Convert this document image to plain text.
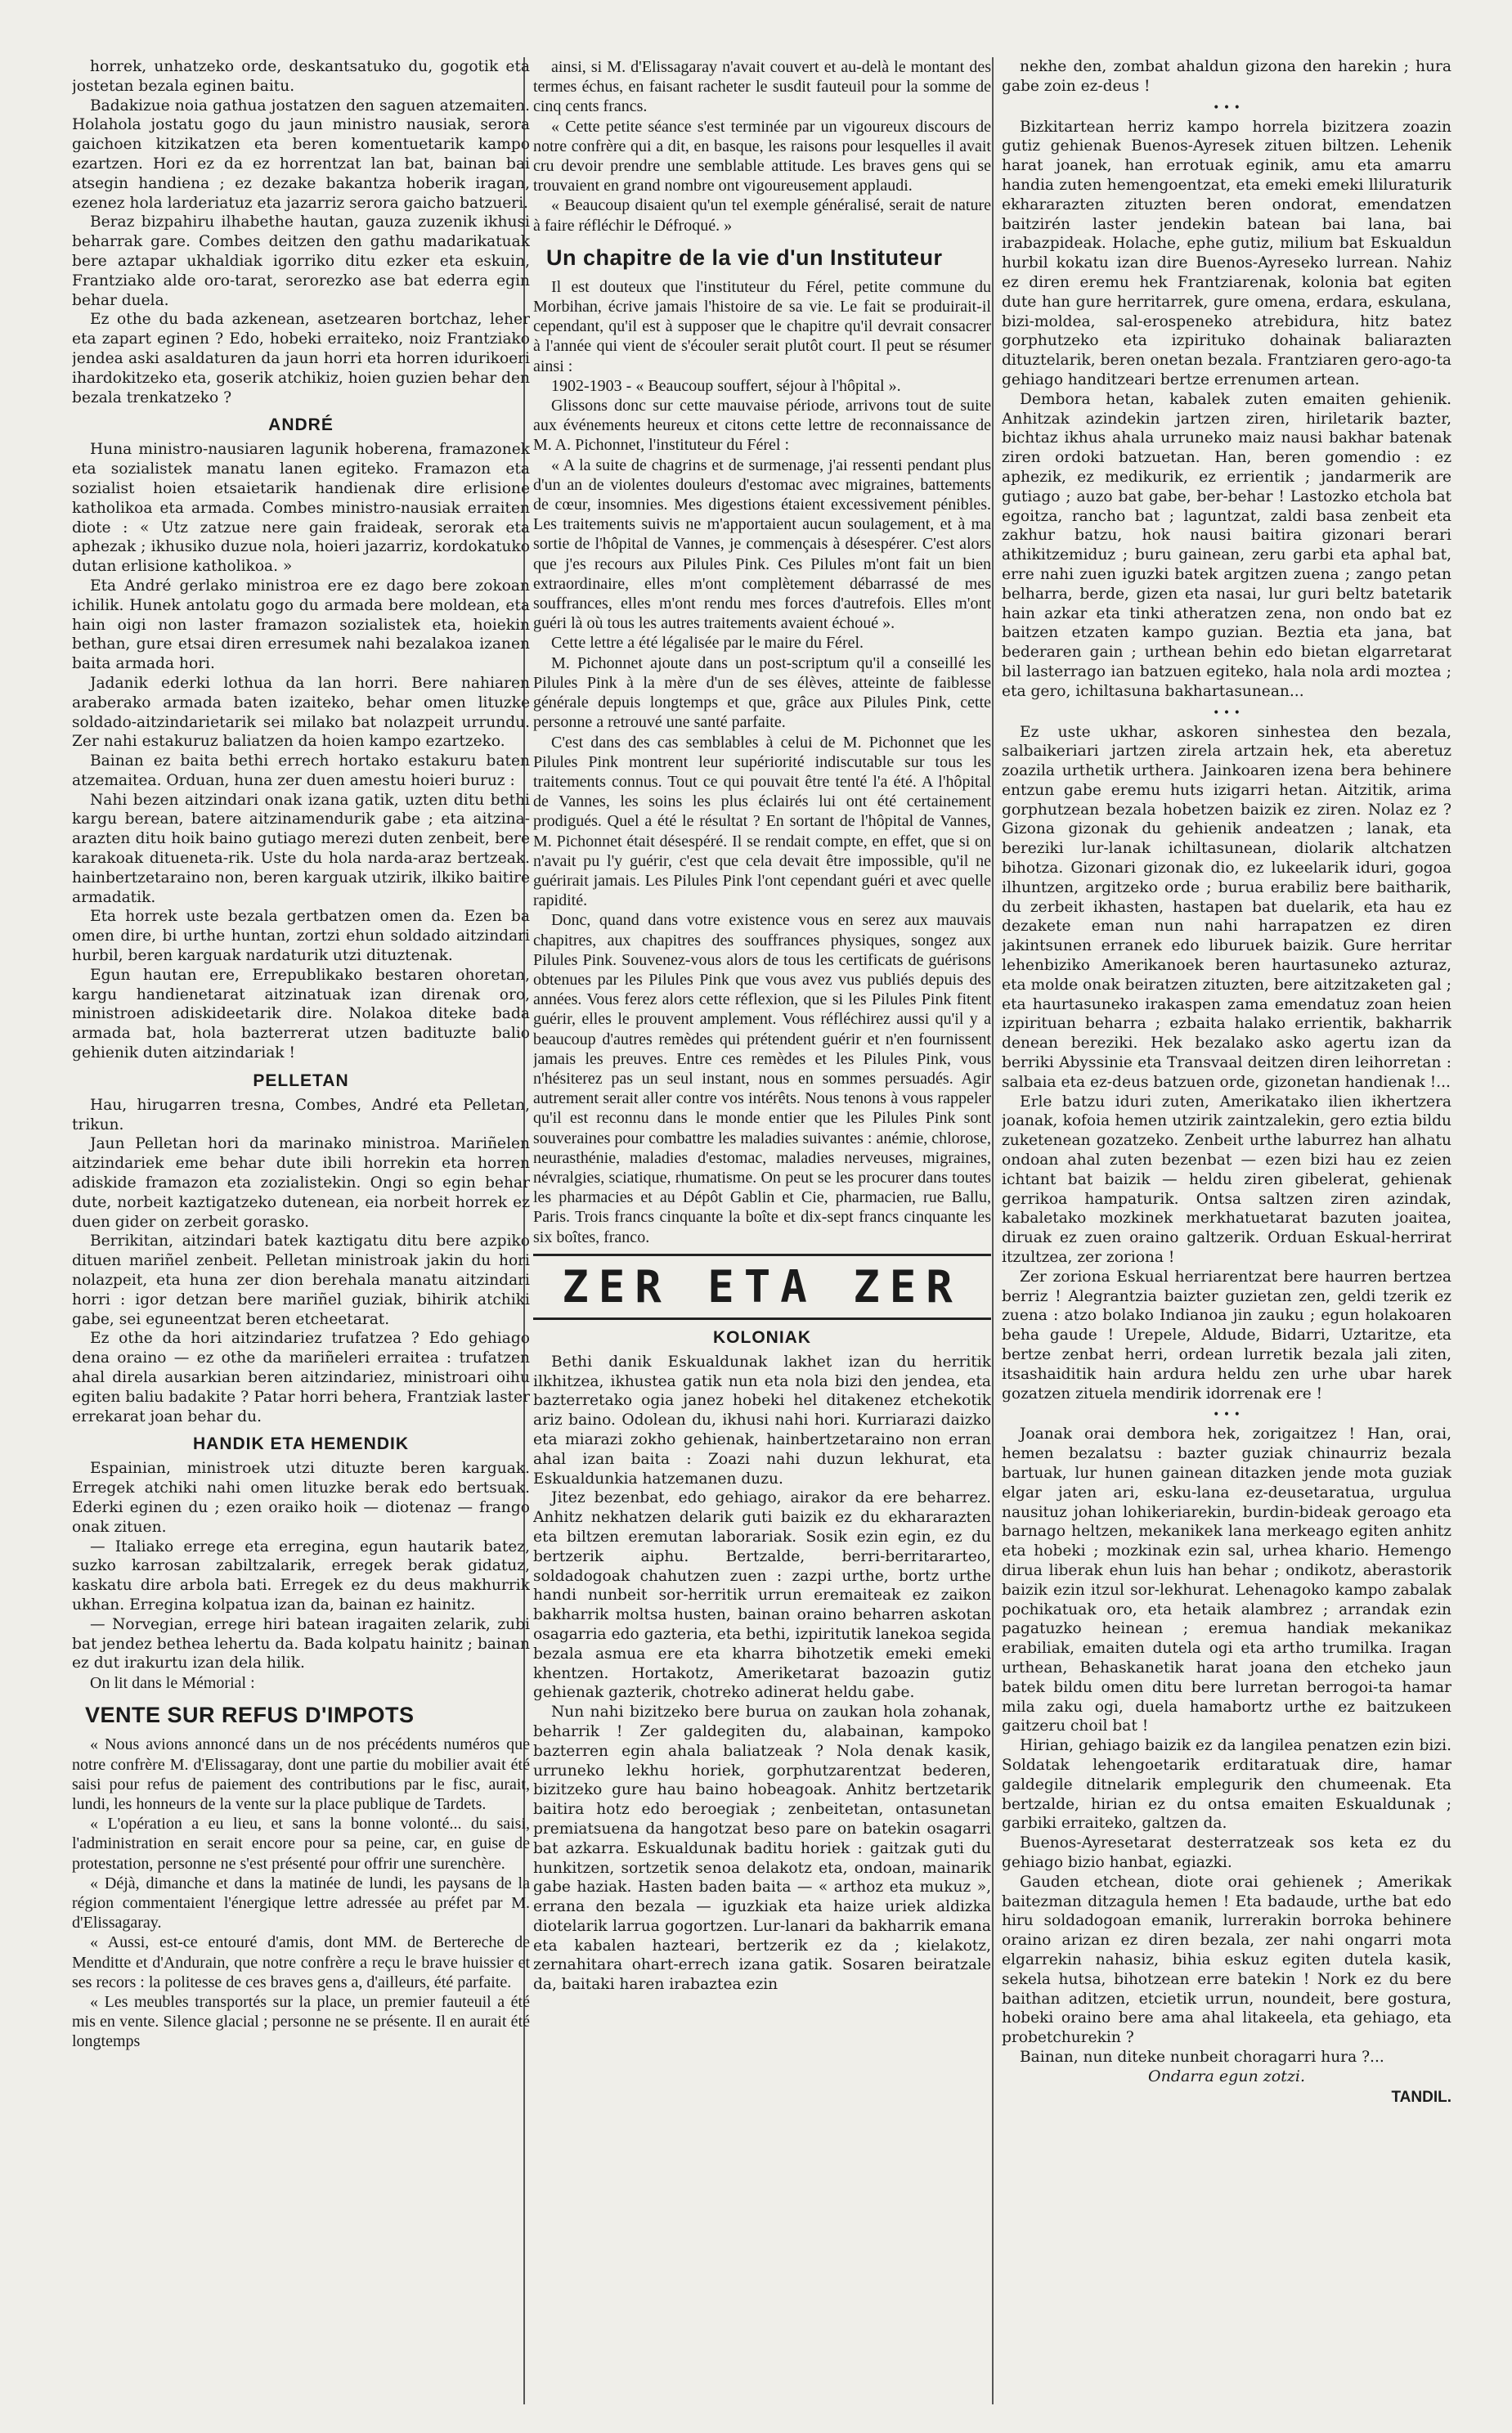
horrek, unhatzeko orde, deskantsatuko du, gogotik eta jostetan bezala eginen baitu.
Badakizue noia gathua jostatzen den saguen atzemaiten. Holahola jostatu gogo du jaun ministro nausiak, serora gaichoen kitzikatzen eta beren komentuetarik kampo ezartzen. Hori ez da ez horrentzat lan bat, bainan bai atsegin handiena ; ez dezake bakantza hoberik iragan, ezenez hola larderiatuz eta jazarriz serora gaicho batzueri.
Beraz bizpahiru ilhabethe hautan, gauza zuzenik ikhusi beharrak gare. Combes deitzen den gathu madarikatuak bere aztapar ukhaldiak igorriko ditu ezker eta eskuin, Frantziako alde oro-tarat, serorezko ase bat ederra egin behar duela.
Ez othe du bada azkenean, asetzearen bortchaz, leher eta zapart eginen ? Edo, hobeki erraiteko, noiz Frantziako jendea aski asaldaturen da jaun horri eta horren idurikoeri ihardokitzeko eta, goserik atchikiz, hoien guzien behar den bezala trenkatzeko ?
ANDRÉ
Huna ministro-nausiaren lagunik hoberena, framazonek eta sozialistek manatu lanen egiteko. Framazon eta sozialist hoien etsaietarik handienak dire erlisione katholikoa eta armada. Combes ministro-nausiak erraiten diote : « Utz zatzue nere gain fraideak, serorak eta aphezak ; ikhusiko duzue nola, hoieri jazarriz, kordokatuko dutan erlisione katholikoa. »
Eta André gerlako ministroa ere ez dago bere zokoan ichilik. Hunek antolatu gogo du armada bere moldean, eta hain oigi non laster framazon sozialistek eta, hoiekin bethan, gure etsai diren erresumek nahi bezalakoa izanen baita armada hori.
Jadanik ederki lothua da lan horri. Bere nahiaren araberako armada baten izaiteko, behar omen lituzke soldado-aitzindarietarik sei milako bat nolazpeit urrundu. Zer nahi estakuruz baliatzen da hoien kampo ezartzeko.
Bainan ez baita bethi errech hortako estakuru baten atzemaitea. Orduan, huna zer duen amestu hoieri buruz :
Nahi bezen aitzindari onak izana gatik, uzten ditu bethi kargu berean, batere aitzinamendurik gabe ; eta aitzina-arazten ditu hoik baino gutiago merezi duten zenbeit, bere karakoak ditueneta-rik. Uste du hola narda-araz bertzeak. hainbertzetaraino non, beren karguak utzirik, ilkiko baitire armadatik.
Eta horrek uste bezala gertbatzen omen da. Ezen ba omen dire, bi urthe huntan, zortzi ehun soldado aitzindari hurbil, beren karguak nardaturik utzi dituztenak.
Egun hautan ere, Errepublikako bestaren ohoretan, kargu handienetarat aitzinatuak izan direnak oro, ministroen adiskideetarik dire. Nolakoa diteke bada armada bat, hola bazterrerat utzen badituzte balio gehienik duten aitzindariak !
PELLETAN
Hau, hirugarren tresna, Combes, André eta Pelletan, trikun.
Jaun Pelletan hori da marinako ministroa. Mariñelen aitzindariek eme behar dute ibili horrekin eta horren adiskide framazon eta zozialistekin. Ongi so egin behar dute, norbeit kaztigatzeko dutenean, eia norbeit horrek ez duen gider on zerbeit gorasko.
Berrikitan, aitzindari batek kaztigatu ditu bere azpiko dituen mariñel zenbeit. Pelletan ministroak jakin du hori nolazpeit, eta huna zer dion berehala manatu aitzindari horri : igor detzan bere mariñel guziak, bihirik atchiki gabe, sei eguneentzat beren etcheetarat.
Ez othe da hori aitzindariez trufatzea ? Edo gehiago dena oraino — ez othe da mariñeleri erraitea : trufatzen ahal direla ausarkian beren aitzindariez, ministroari oihu egiten baliu badakite ? Patar horri behera, Frantziak laster errekarat joan behar du.
HANDIK ETA HEMENDIK
Espainian, ministroek utzi dituzte beren karguak. Erregek atchiki nahi omen lituzke berak edo bertsuak. Ederki eginen du ; ezen oraiko hoik — diotenaz — frango onak zituen.
— Italiako errege eta erregina, egun hautarik batez, suzko karrosan zabiltzalarik, erregek berak gidatuz, kaskatu dire arbola bati. Erregek ez du deus makhurrik ukhan. Erregina kolpatua izan da, bainan ez hainitz.
— Norvegian, errege hiri batean iragaiten zelarik, zubi bat jendez bethea lehertu da. Bada kolpatu hainitz ; bainan ez dut irakurtu izan dela hilik.
On lit dans le Mémorial :
VENTE SUR REFUS D'IMPOTS
« Nous avions annoncé dans un de nos précédents numéros que notre confrère M. d'Elissagaray, dont une partie du mobilier avait été saisi pour refus de paiement des contributions par le fisc, aurait, lundi, les honneurs de la vente sur la place publique de Tardets.
« L'opération a eu lieu, et sans la bonne volonté... du saisi, l'administration en serait encore pour sa peine, car, en guise de protestation, personne ne s'est présenté pour offrir une surenchère.
« Déjà, dimanche et dans la matinée de lundi, les paysans de la région commentaient l'énergique lettre adressée au préfet par M. d'Elissagaray.
« Aussi, est-ce entouré d'amis, dont MM. de Bertereche de Menditte et d'Andurain, que notre confrère a reçu le brave huissier et ses recors : la politesse de ces braves gens a, d'ailleurs, été parfaite.
« Les meubles transportés sur la place, un premier fauteuil a été mis en vente. Silence glacial ; personne ne se présente. Il en aurait été longtemps
ainsi, si M. d'Elissagaray n'avait couvert et au-delà le montant des termes échus, en faisant racheter le susdit fauteuil pour la somme de cinq cents francs.
« Cette petite séance s'est terminée par un vigoureux discours de notre confrère qui a dit, en basque, les raisons pour lesquelles il avait cru devoir prendre une semblable attitude. Les braves gens qui se trouvaient en grand nombre ont vigoureusement applaudi.
« Beaucoup disaient qu'un tel exemple généralisé, serait de nature à faire réfléchir le Défroqué. »
Un chapitre de la vie d'un Instituteur
Il est douteux que l'instituteur du Férel, petite commune du Morbihan, écrive jamais l'histoire de sa vie. Le fait se produirait-il cependant, qu'il est à supposer que le chapitre qu'il devrait consacrer à l'année qui vient de s'écouler serait plutôt court. Il peut se résumer ainsi :
1902-1903 - « Beaucoup souffert, séjour à l'hôpital ».
Glissons donc sur cette mauvaise période, arrivons tout de suite aux événements heureux et citons cette lettre de reconnaissance de M. A. Pichonnet, l'instituteur du Férel :
« A la suite de chagrins et de surmenage, j'ai ressenti pendant plus d'un an de violentes douleurs d'estomac avec migraines, battements de cœur, insomnies. Mes digestions étaient excessivement pénibles. Les traitements suivis ne m'apportaient aucun soulagement, et à ma sortie de l'hôpital de Vannes, je commençais à désespérer. C'est alors que j'es recours aux Pilules Pink. Ces Pilules m'ont fait un bien extraordinaire, elles m'ont complètement débarrassé de mes souffrances, elles m'ont rendu mes forces d'autrefois. Elles m'ont guéri là où tous les autres traitements avaient échoué ».
Cette lettre a été légalisée par le maire du Férel.
M. Pichonnet ajoute dans un post-scriptum qu'il a conseillé les Pilules Pink à la mère d'un de ses élèves, atteinte de faiblesse générale depuis longtemps et que, grâce aux Pilules Pink, cette personne a retrouvé une santé parfaite.
C'est dans des cas semblables à celui de M. Pichonnet que les Pilules Pink montrent leur supériorité indiscutable sur tous les traitements connus. Tout ce qui pouvait être tenté l'a été. A l'hôpital de Vannes, les soins les plus éclairés lui ont été certainement prodigués. Quel a été le résultat ? En sortant de l'hôpital de Vannes, M. Pichonnet était désespéré. Il se rendait compte, en effet, que si on n'avait pu l'y guérir, c'est que cela devait être impossible, qu'il ne guérirait jamais. Les Pilules Pink l'ont cependant guéri et avec quelle rapidité.
Donc, quand dans votre existence vous en serez aux mauvais chapitres, aux chapitres des souffrances physiques, songez aux Pilules Pink. Souvenez-vous alors de tous les certificats de guérisons obtenues par les Pilules Pink que vous avez vus publiés depuis des années. Vous ferez alors cette réflexion, que si les Pilules Pink fitent guérir, elles le prouvent amplement. Vous réfléchirez aussi qu'il y a beaucoup d'autres remèdes qui prétendent guérir et n'en fournissent jamais les preuves. Entre ces remèdes et les Pilules Pink, vous n'hésiterez pas un seul instant, nous en sommes persuadés. Agir autrement serait aller contre vos intérêts. Nous tenons à vous rappeler qu'il est reconnu dans le monde entier que les Pilules Pink sont souveraines pour combattre les maladies suivantes : anémie, chlorose, neurasthénie, maladies d'estomac, maladies nerveuses, migraines, névralgies, sciatique, rhumatisme. On peut se les procurer dans toutes les pharmacies et au Dépôt Gablin et Cie, pharmacien, rue Ballu, Paris. Trois francs cinquante la boîte et dix-sept francs cinquante les six boîtes, franco.
ZER ETA ZER
KOLONIAK
Bethi danik Eskualdunak lakhet izan du herritik ilkhitzea, ikhustea gatik nun eta nola bizi den jendea, eta bazterretako ogia janez hobeki hel ditakenez etchekotik ariz baino. Odolean du, ikhusi nahi hori. Kurriarazi daizko eta miarazi zokho gehienak, hainbertzetaraino non erran ahal izan baita : Zoazi nahi duzun lekhurat, eta Eskualdunkia hatzemanen duzu.
Jitez bezenbat, edo gehiago, airakor da ere beharrez. Anhitz nekhatzen delarik guti baizik ez du ekhararazten eta biltzen eremutan laborariak. Sosik ezin egin, ez du bertzerik aiphu. Bertzalde, berri-berritararteo, soldadogoak chahutzen zuen : zazpi urthe, bortz urthe handi nunbeit sor-herritik urrun eremaiteak ez zaikon bakharrik moltsa husten, bainan oraino beharren askotan osagarria edo gazteria, eta bethi, izpiritutik lanekoa segida bezala asmua ere eta kharra bihotzetik emeki emeki khentzen. Hortakotz, Ameriketarat bazoazin gutiz gehienak gazterik, chotreko adinerat heldu gabe.
Nun nahi bizitzeko bere burua on zaukan hola zohanak, beharrik ! Zer galdegiten du, alabainan, kampoko bazterren egin ahala baliatzeak ? Nola denak kasik, urruneko lekhu horiek, gorphutzarentzat bederen, bizitzeko gure hau baino hobeagoak. Anhitz bertzetarik baitira hotz edo beroegiak ; zenbeitetan, ontasunetan premiatsuena da hangotzat beso pare on batekin osagarri bat azkarra. Eskualdunak baditu horiek : gaitzak guti du hunkitzen, sortzetik senoa delakotz eta, ondoan, mainarik gabe haziak. Hasten baden baita — « arthoz eta mukuz », errana den bezala — iguzkiak eta haize uriek aldizka diotelarik larrua gogortzen. Lur-lanari da bakharrik emana eta kabalen hazteari, bertzerik ez da ; kielakotz, zernahitara ohart-errech izana gatik. Sosaren beiratzale da, baitaki haren irabaztea ezin
nekhe den, zombat ahaldun gizona den harekin ; hura gabe zoin ez-deus !
• • •
Bizkitartean herriz kampo horrela bizitzera zoazin gutiz gehienak Buenos-Ayresek zituen biltzen. Lehenik harat joanek, han errotuak eginik, amu eta amarru handia zuten hemengoentzat, eta emeki emeki lliluraturik ekhararazten zituzten beren ondorat, emendatzen baitzirén laster jendekin batean bai lana, bai irabazpideak. Holache, ephe gutiz, milium bat Eskualdun hurbil kokatu izan dire Buenos-Ayreseko lurrean. Nahiz ez diren eremu hek Frantziarenak, kolonia bat egiten dute han gure herritarrek, gure omena, erdara, eskulana, bizi-moldea, sal-erospeneko atrebidura, hitz batez gorphutzeko eta izpirituko dohainak baliarazten dituztelarik, beren onetan bezala. Frantziaren gero-ago-ta gehiago handitzeari bertze errenumen artean.
Dembora hetan, kabalek zuten emaiten gehienik. Anhitzak azindekin jartzen ziren, hiriletarik bazter, bichtaz ikhus ahala urruneko maiz nausi bakhar batenak ziren ordoki batzuetan. Han, beren gomendio : ez aphezik, ez medikurik, ez errientik ; jandarmerik are gutiago ; auzo bat gabe, ber-behar ! Lastozko etchola bat egoitza, rancho bat ; laguntzat, zaldi basa zenbeit eta zakhur batzu, hok nausi baitira gizonari berari athikitzemiduz ; buru gainean, zeru garbi eta aphal bat, erre nahi zuen iguzki batek argitzen zuena ; zango petan belharra, berde, gizen eta nasai, lur guri beltz batetarik hain azkar eta tinki atheratzen zena, non ondo bat ez baitzen etzaten kampo guzian. Beztia eta jana, bat bederaren gain ; urthean behin edo bietan elgarretarat bil lasterrago ian batzuen egiteko, hala nola ardi moztea ; eta gero, ichiltasuna bakhartasunean...
• • •
Ez uste ukhar, askoren sinhestea den bezala, salbaikeriari jartzen zirela artzain hek, eta aberetuz zoazila urthetik urthera. Jainkoaren izena bera behinere entzun gabe eremu huts izigarri hetan. Aitzitik, arima gorphutzean bezala hobetzen baizik ez ziren. Nolaz ez ? Gizona gizonak du gehienik andeatzen ; lanak, eta bereziki lur-lanak ichiltasunean, diolarik altchatzen bihotza. Gizonari gizonak dio, ez lukeelarik iduri, gogoa ilhuntzen, argitzeko orde ; burua erabiliz bere baitharik, du zerbeit ikhasten, hastapen bat duelarik, eta hau ez dezakete eman nun nahi harrapatzen ez diren jakintsunen erranek edo liburuek baizik. Gure herritar lehenbiziko Amerikanoek beren haurtasuneko azturaz, eta molde onak beiratzen zituzten, bere aitzitzaketen gal ; eta haurtasuneko irakaspen zama emendatuz zoan heien izpirituan beharra ; ezbaita halako errientik, bakharrik denean bereziki. Hek bezalako asko agertu izan da berriki Abyssinie eta Transvaal deitzen diren leihorretan : salbaia eta ez-deus batzuen orde, gizonetan handienak !...
Erle batzu iduri zuten, Amerikatako ilien ikhertzera joanak, kofoia hemen utzirik zaintzalekin, gero eztia bildu zuketenean gozatzeko. Zenbeit urthe laburrez han alhatu ondoan ahal zuten bezenbat — ezen bizi hau ez zeien ichtant bat baizik — heldu ziren gibelerat, gehienak gerrikoa hampaturik. Ontsa saltzen ziren azindak, kabaletako mozkinek merkhatuetarat bazuten joaitea, diruak ez zuen oraino galtzerik. Orduan Eskual-herrirat itzultzea, zer zoriona !
Zer zoriona Eskual herriarentzat bere haurren bertzea berriz ! Alegrantzia baizter guzietan zen, geldi tzerik ez zuena : atzo bolako Indianoa jin zauku ; egun holakoaren beha gaude ! Urepele, Aldude, Bidarri, Uztaritze, eta bertze zenbat herri, ordean lurretik bezala jali ziten, itsashaiditik hain ardura heldu zen urhe ubar harek gozatzen zituela mendirik idorrenak ere !
• • •
Joanak orai dembora hek, zorigaitzez ! Han, orai, hemen bezalatsu : bazter guziak chinaurriz bezala bartuak, lur hunen gainean ditazken jende mota guziak elgar jaten ari, esku-lana ez-deusetaratua, urgulua nausituz johan lohikeriarekin, burdin-bideak geroago eta barnago heltzen, mekanikek lana merkeago egiten anhitz eta hobeki ; mozkinak ezin sal, urhea khario. Hemengo dirua liberak ehun luis han behar ; ondikotz, aberastorik baizik ezin itzul sor-lekhurat. Lehenagoko kampo zabalak pochikatuak oro, eta hetaik alambrez ; arrandak ezin pagatuzko heinean ; eremua handiak mekanikaz erabiliak, emaiten dutela ogi eta artho trumilka. Iragan urthean, Behaskanetik harat joana den etcheko jaun batek bildu omen ditu bere lurretan berrogoi-ta hamar mila zaku ogi, duela hamabortz urthe ez baitzukeen gaitzeru choil bat !
Hirian, gehiago baizik ez da langilea penatzen ezin bizi. Soldatak lehengoetarik erditaratuak dire, hamar galdegile ditnelarik emplegurik den chumeenak. Eta bertzalde, hirian ez du ontsa emaiten Eskualdunak ; garbiki erraiteko, galtzen da.
Buenos-Ayresetarat desterratzeak sos keta ez du gehiago bizio hanbat, egiazki.
Gauden etchean, diote orai gehienek ; Amerikak baitezman ditzagula hemen ! Eta badaude, urthe bat edo hiru soldadogoan emanik, lurrerakin borroka behinere oraino arizan ez diren bezala, zer nahi ongarri mota elgarrekin nahasiz, bihia eskuz egiten dutela kasik, sekela hutsa, bihotzean erre batekin ! Nork ez du bere baithan aditzen, etcietik urrun, noundeit, bere gostura, hobeki oraino bere ama ahal litakeela, eta gehiago, eta probetchurekin ?
Bainan, nun diteke nunbeit choragarri hura ?...
Ondarra egun zotzi.
TANDIL.
